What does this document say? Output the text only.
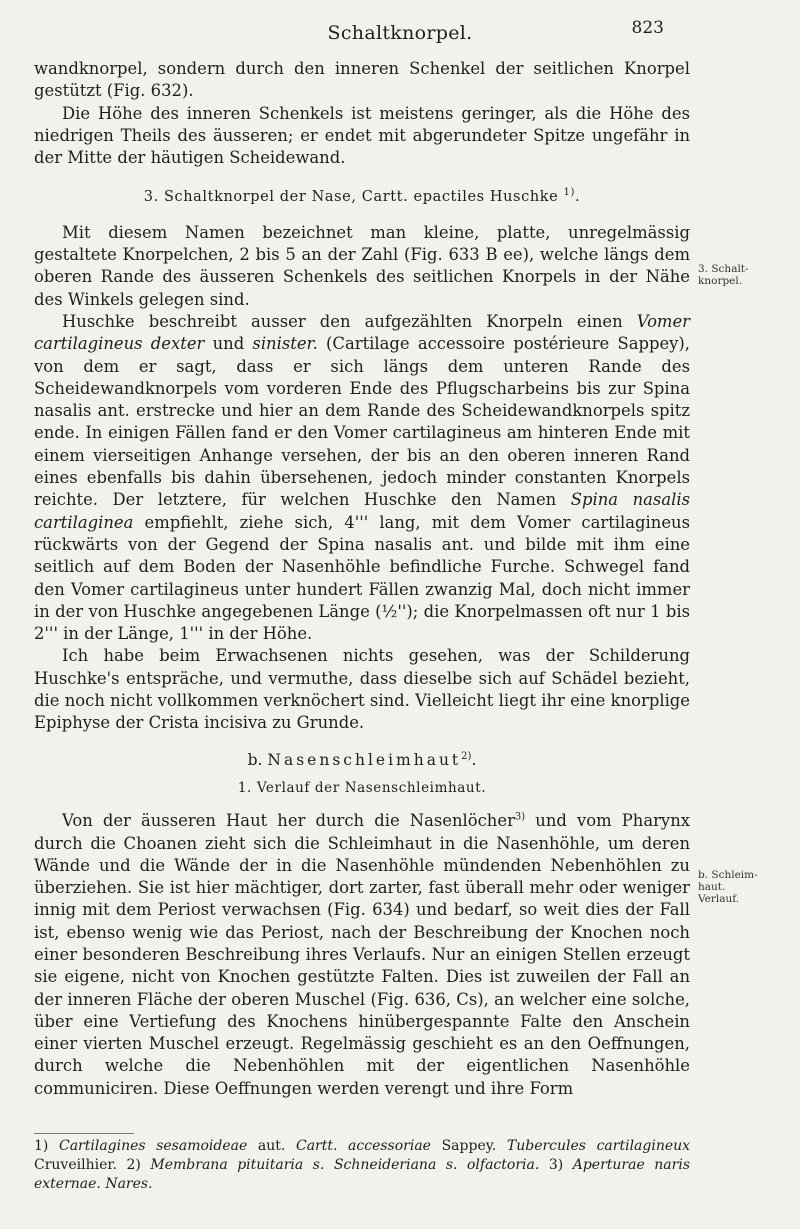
Schaltknorpel.	823

wandknorpel, sondern durch den inneren Schenkel der seitlichen Knorpel gestützt (Fig. 632).

Die Höhe des inneren Schenkels ist meistens geringer, als die Höhe des niedrigen Theils des äusseren; er endet mit abgerundeter Spitze ungefähr in der Mitte der häutigen Scheidewand.

3. Schaltknorpel der Nase, Cartt. epactiles Huschke $^{1)}$.

Mit diesem Namen bezeichnet man kleine, platte, unregelmässig gestaltete Knorpelchen, 2 bis 5 an der Zahl (Fig. 633 B ee), welche längs dem oberen Rande des äusseren Schenkels des seitlichen Knorpels in der Nähe des Winkels gelegen sind.

Huschke beschreibt ausser den aufgezählten Knorpeln einen Vomer cartilagineus dexter und sinister. (Cartilage accessoire postérieure Sappey), von dem er sagt, dass er sich längs dem unteren Rande des Scheidewandknorpels vom vorderen Ende des Pflugscharbeins bis zur Spina nasalis ant. erstrecke und hier an dem Rande des Scheidewandknorpels spitz ende. In einigen Fällen fand er den Vomer cartilagineus am hinteren Ende mit einem vierseitigen Anhange versehen, der bis an den oberen inneren Rand eines ebenfalls bis dahin übersehenen, jedoch minder constanten Knorpels reichte. Der letztere, für welchen Huschke den Namen Spina nasalis cartilaginea empfiehlt, ziehe sich, 4''' lang, mit dem Vomer cartilagineus rückwärts von der Gegend der Spina nasalis ant. und bilde mit ihm eine seitlich auf dem Boden der Nasenhöhle befindliche Furche. Schwegel fand den Vomer cartilagineus unter hundert Fällen zwanzig Mal, doch nicht immer in der von Huschke angegebenen Länge (½''); die Knorpelmassen oft nur 1 bis 2''' in der Länge, 1''' in der Höhe.

Ich habe beim Erwachsenen nichts gesehen, was der Schilderung Huschke's entspräche, und vermuthe, dass dieselbe sich auf Schädel bezieht, die noch nicht vollkommen verknöchert sind. Vielleicht liegt ihr eine knorplige Epiphyse der Crista incisiva zu Grunde.

b. Nasenschleimhaut$^{2)}$.
1. Verlauf der Nasenschleimhaut.

Von der äusseren Haut her durch die Nasenlöcher$^{3)}$ und vom Pharynx durch die Choanen zieht sich die Schleimhaut in die Nasenhöhle, um deren Wände und die Wände der in die Nasenhöhle mündenden Nebenhöhlen zu überziehen. Sie ist hier mächtiger, dort zarter, fast überall mehr oder weniger innig mit dem Periost verwachsen (Fig. 634) und bedarf, so weit dies der Fall ist, ebenso wenig wie das Periost, nach der Beschreibung der Knochen noch einer besonderen Beschreibung ihres Verlaufs. Nur an einigen Stellen erzeugt sie eigene, nicht von Knochen gestützte Falten. Dies ist zuweilen der Fall an der inneren Fläche der oberen Muschel (Fig. 636, Cs), an welcher eine solche, über eine Vertiefung des Knochens hinübergespannte Falte den Anschein einer vierten Muschel erzeugt. Regelmässig geschieht es an den Oeffnungen, durch welche die Nebenhöhlen mit der eigentlichen Nasenhöhle communiciren. Diese Oeffnungen werden verengt und ihre Form

3. Schalt-
knorpel.
b. Schleim-
haut.
Verlauf.

1) Cartilagines sesamoideae aut. Cartt. accessoriae Sappey. Tubercules cartilagineux Cruveilhier. 2) Membrana pituitaria s. Schneideriana s. olfactoria. 3) Aperturae naris externae. Nares.
